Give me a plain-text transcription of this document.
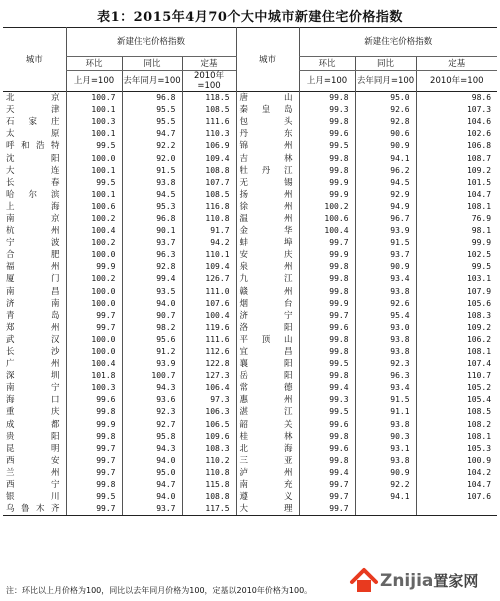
表1：2015年4月70个大中城市新建住宅价格指数
城市	新建住宅价格指数			城市	新建住宅价格指数		
	环比	同比	定基		环比	同比	定基
	上月=100	去年同月=100	2010年=100		上月=100	去年同月=100	2010年=100
北京	100.7	96.8	118.5	唐山	99.8	95.0	98.6
天津	100.1	95.5	108.5	秦皇岛	99.3	92.6	107.3
石家庄	100.3	95.5	111.6	包头	99.8	92.8	104.6
太原	100.1	94.7	110.3	丹东	99.6	90.6	102.6
呼和浩特	99.5	92.2	106.9	锦州	99.5	90.9	106.8
沈阳	100.0	92.0	109.4	吉林	99.8	94.1	108.7
大连	100.1	91.5	108.8	牡丹江	99.8	96.2	109.2
长春	99.5	93.8	107.7	无锡	99.9	94.5	101.5
哈尔滨	100.1	94.5	108.5	扬州	99.9	92.9	104.7
上海	100.6	95.3	116.8	徐州	100.2	94.9	108.1
南京	100.2	96.8	110.8	温州	100.6	96.7	76.9
杭州	100.4	90.1	91.7	金华	100.4	93.9	98.1
宁波	100.2	93.7	94.2	蚌埠	99.7	91.5	99.9
合肥	100.0	96.3	110.1	安庆	99.9	93.7	102.5
福州	99.9	92.8	109.4	泉州	99.8	90.9	99.5
厦门	100.2	99.4	126.7	九江	99.8	93.4	103.1
南昌	100.0	93.5	111.0	赣州	99.8	93.8	107.9
济南	100.0	94.0	107.6	烟台	99.9	92.6	105.6
青岛	99.7	90.7	100.4	济宁	99.7	95.4	108.3
郑州	99.7	98.2	119.6	洛阳	99.6	93.0	109.2
武汉	100.0	95.6	111.6	平顶山	99.8	93.8	106.2
长沙	100.0	91.2	112.6	宜昌	99.8	93.8	108.1
广州	100.4	93.9	122.8	襄阳	99.5	92.3	107.4
深圳	101.8	100.7	127.3	岳阳	99.8	96.3	110.7
南宁	100.3	94.3	106.4	常德	99.4	93.4	105.2
海口	99.6	93.6	97.3	惠州	99.3	91.5	105.4
重庆	99.8	92.3	106.3	湛江	99.5	91.1	108.5
成都	99.9	92.7	106.5	韶关	99.6	93.8	108.2
贵阳	99.8	95.8	109.6	桂林	99.8	90.3	108.1
昆明	99.7	94.3	108.3	北海	99.6	93.1	105.3
西安	99.7	94.0	110.2	三亚	99.8	93.8	100.9
兰州	99.7	95.0	110.8	泸州	99.4	90.9	104.2
西宁	99.8	94.7	115.8	南充	99.7	92.2	104.7
银川	99.5	94.0	108.8	遵义	99.7	94.1	107.6
乌鲁木齐	99.7	93.7	117.5	大理	99.7		
注：环比以上月价格为100，同比以去年同月价格为100，定基以2010年价格为100。	Znijia置家网
